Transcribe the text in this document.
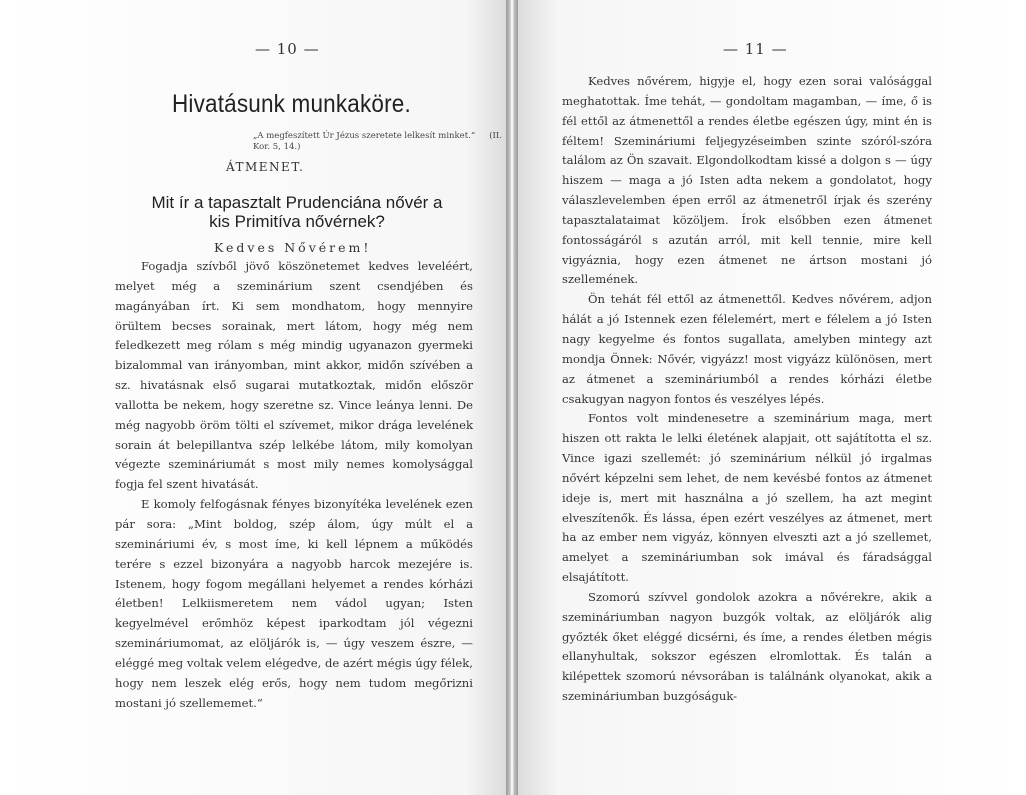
— 10 —
Hivatásunk munkaköre.
„A megfeszített Úr Jézus szeretete lelkesít minket.“ (II. Kor. 5, 14.)
ÁTMENET.
Mit ír a tapasztalt Prudenciána nővér a kis Primitíva nővérnek?
Kedves Nővérem!

Fogadja szívből jövő köszönetemet kedves leveléért, melyet még a szeminárium szent csendjében és magányában írt. Ki sem mondhatom, hogy mennyire örültem becses sorainak, mert látom, hogy még nem feledkezett meg rólam s még mindig ugyanazon gyermeki bizalommal van irányomban, mint akkor, midőn szívében a sz. hivatásnak első sugarai mutatkoztak, midőn először vallotta be nekem, hogy szeretne sz. Vince leánya lenni. De még nagyobb öröm tölti el szívemet, mikor drága levelének sorain át belepillantva szép lelkébe látom, mily komolyan végezte szemináriumát s most mily nemes komolysággal fogja fel szent hivatását.

E komoly felfogásnak fényes bizonyítéka levelének ezen pár sora: „Mint boldog, szép álom, úgy múlt el a szemináriumi év, s most íme, ki kell lépnem a működés terére s ezzel bizonyára a nagyobb harcok mezejére is. Istenem, hogy fogom megállani helyemet a rendes kórházi életben! Lelkiismeretem nem vádol ugyan; Isten kegyelmével erőmhöz képest iparkodtam jól végezni szemináriumomat, az elöljárók is, — úgy veszem észre, — eléggé meg voltak velem elégedve, de azért mégis úgy félek, hogy nem leszek elég erős, hogy nem tudom megőrizni mostani jó szellememet.“

— 11 —

Kedves nővérem, higyje el, hogy ezen sorai valósággal meghatottak. Íme tehát, — gondoltam magamban, — íme, ő is fél ettől az átmenettől a rendes életbe egészen úgy, mint én is féltem! Szemináriumi feljegyzéseimben szinte szóról-szóra találom az Ön szavait. Elgondolkodtam kissé a dolgon s — úgy hiszem — maga a jó Isten adta nekem a gondolatot, hogy válaszlevelemben épen erről az átmenetről írjak és szerény tapasztalataimat közöljem. Írok elsőbben ezen átmenet fontosságáról s azután arról, mit kell tennie, mire kell vigyáznia, hogy ezen átmenet ne ártson mostani jó szellemének.

Ön tehát fél ettől az átmenettől. Kedves nővérem, adjon hálát a jó Istennek ezen félelemért, mert e félelem a jó Isten nagy kegyelme és fontos sugallata, amelyben mintegy azt mondja Önnek: Nővér, vigyázz! most vigyázz különösen, mert az átmenet a szemináriumból a rendes kórházi életbe csakugyan nagyon fontos és veszélyes lépés.

Fontos volt mindenesetre a szeminárium maga, mert hiszen ott rakta le lelki életének alapjait, ott sajátította el sz. Vince igazi szellemét: jó szeminárium nélkül jó irgalmas nővért képzelni sem lehet, de nem kevésbé fontos az átmenet ideje is, mert mit használna a jó szellem, ha azt megint elveszítenők. És lássa, épen ezért veszélyes az átmenet, mert ha az ember nem vigyáz, könnyen elveszti azt a jó szellemet, amelyet a szemináriumban sok imával és fáradsággal elsajátított.

Szomorú szívvel gondolok azokra a nővérekre, akik a szemináriumban nagyon buzgók voltak, az elöljárók alig győzték őket eléggé dicsérni, és íme, a rendes életben mégis ellanyhultak, sokszor egészen elromlottak. És talán a kilépettek szomorú névsorában is találnánk olyanokat, akik a szemináriumban buzgóságuk-
